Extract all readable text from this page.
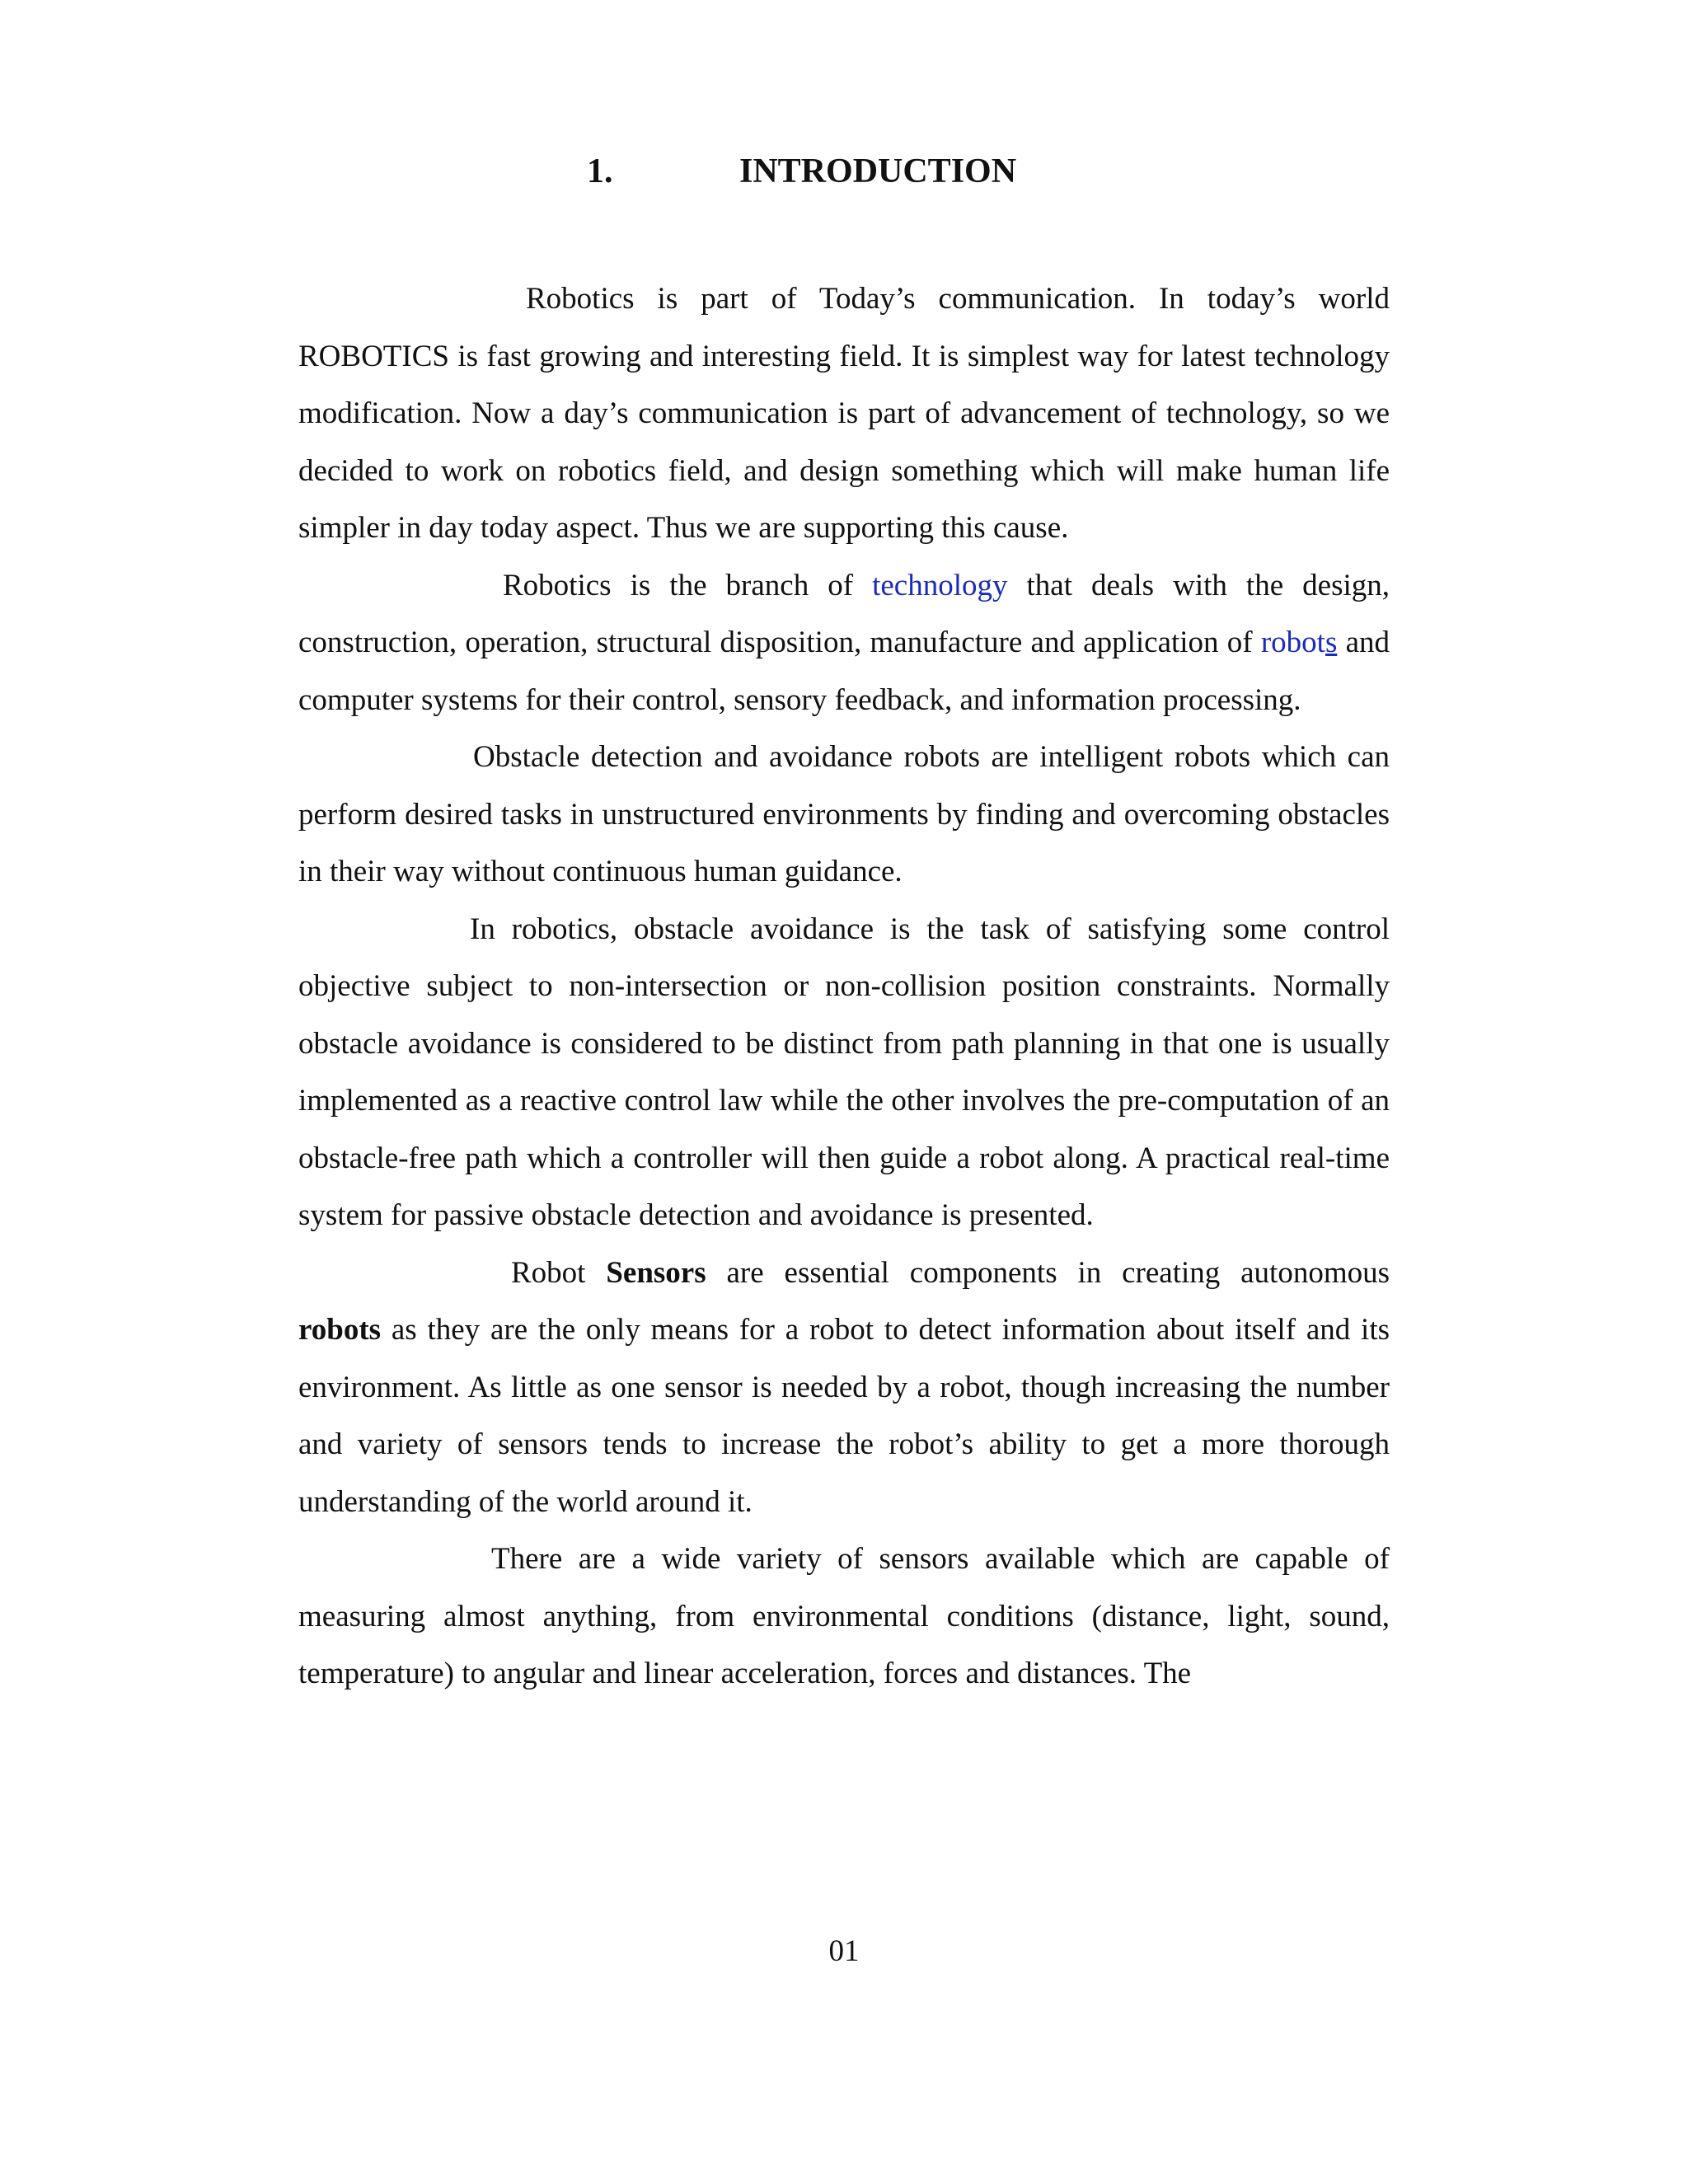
1.	INTRODUCTION

Robotics is part of Today’s communication. In today’s world ROBOTICS is fast growing and interesting field. It is simplest way for latest technology modification. Now a day’s communication is part of advancement of technology, so we decided to work on robotics field, and design something which will make human life simpler in day today aspect. Thus we are supporting this cause.

Robotics is the branch of technology that deals with the design, construction, operation, structural disposition, manufacture and application of robots and computer systems for their control, sensory feedback, and information processing.

Obstacle detection and avoidance robots are intelligent robots which can perform desired tasks in unstructured environments by finding and overcoming obstacles in their way without continuous human guidance.

In robotics, obstacle avoidance is the task of satisfying some control objective subject to non-intersection or non-collision position constraints. Normally obstacle avoidance is considered to be distinct from path planning in that one is usually implemented as a reactive control law while the other involves the pre-computation of an obstacle-free path which a controller will then guide a robot along. A practical real-time system for passive obstacle detection and avoidance is presented.

Robot Sensors are essential components in creating autonomous robots as they are the only means for a robot to detect information about itself and its environment. As little as one sensor is needed by a robot, though increasing the number and variety of sensors tends to increase the robot’s ability to get a more thorough understanding of the world around it.

There are a wide variety of sensors available which are capable of measuring almost anything, from environmental conditions (distance, light, sound, temperature) to angular and linear acceleration, forces and distances. The

01
